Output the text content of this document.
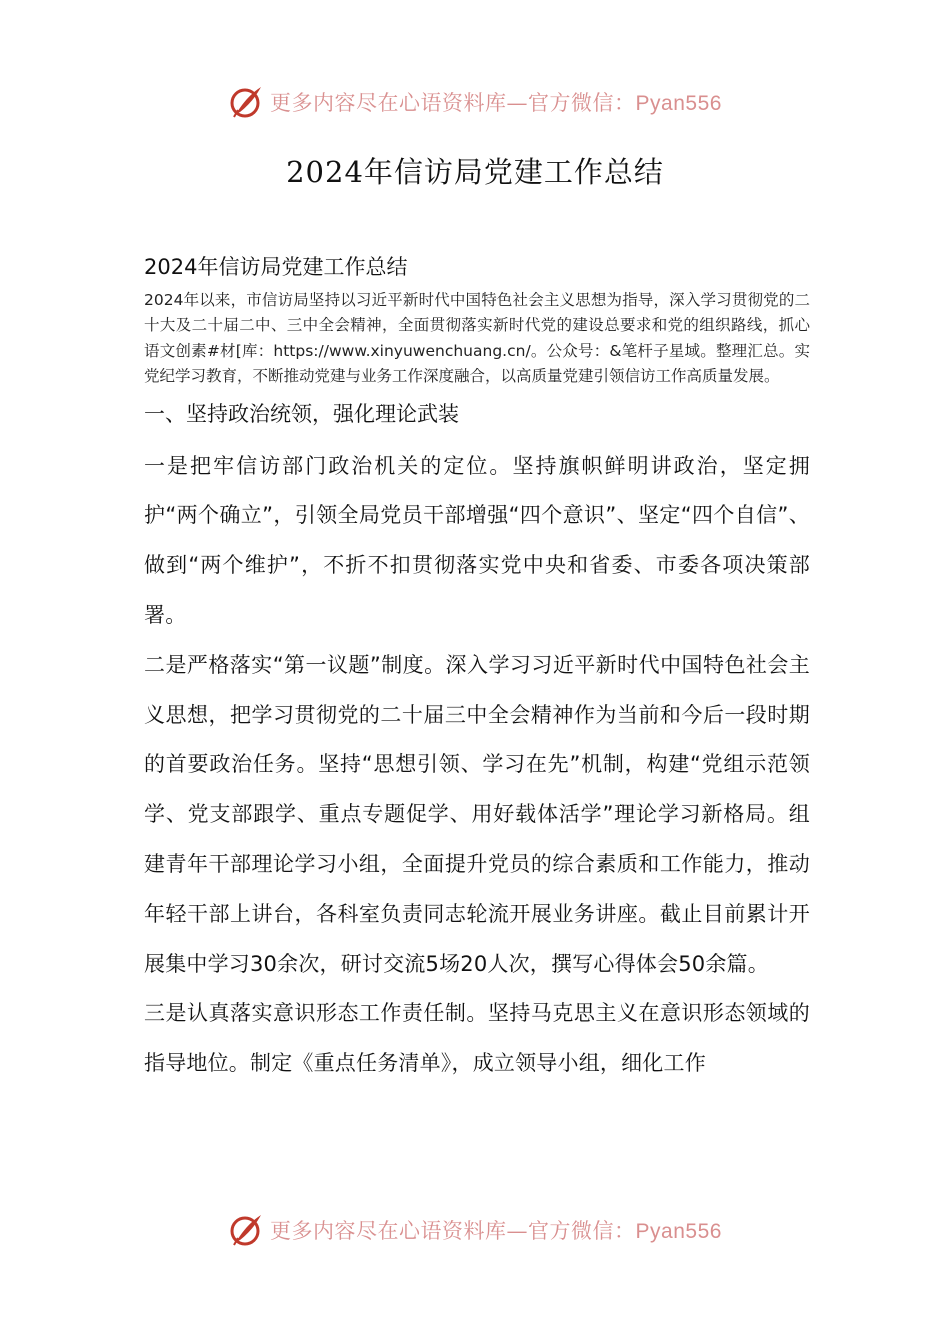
更多内容尽在心语资料库—官方微信：Pyan556
2024年信访局党建工作总结
2024年信访局党建工作总结

2024年以来，市信访局坚持以习近平新时代中国特色社会主义思想为指导，深入学习贯彻党的二十大及二十届二中、三中全会精神，全面贯彻落实新时代党的建设总要求和党的组织路线，抓心语文创素#材[库：https://www.xinyuwenchuang.cn/。公众号：&笔杆子星域。整理汇总。实党纪学习教育，不断推动党建与业务工作深度融合，以高质量党建引领信访工作高质量发展。

一、坚持政治统领，强化理论武装

一是把牢信访部门政治机关的定位。坚持旗帜鲜明讲政治，坚定拥护“两个确立”，引领全局党员干部增强“四个意识”、坚定“四个自信”、做到“两个维护”，不折不扣贯彻落实党中央和省委、市委各项决策部署。

二是严格落实“第一议题”制度。深入学习习近平新时代中国特色社会主义思想，把学习贯彻党的二十届三中全会精神作为当前和今后一段时期的首要政治任务。坚持“思想引领、学习在先”机制，构建“党组示范领学、党支部跟学、重点专题促学、用好载体活学”理论学习新格局。组建青年干部理论学习小组，全面提升党员的综合素质和工作能力，推动年轻干部上讲台，各科室负责同志轮流开展业务讲座。截止目前累计开展集中学习30余次，研讨交流5场20人次，撰写心得体会50余篇。

三是认真落实意识形态工作责任制。坚持马克思主义在意识形态领域的指导地位。制定《重点任务清单》，成立领导小组，细化工作

更多内容尽在心语资料库—官方微信：Pyan556
